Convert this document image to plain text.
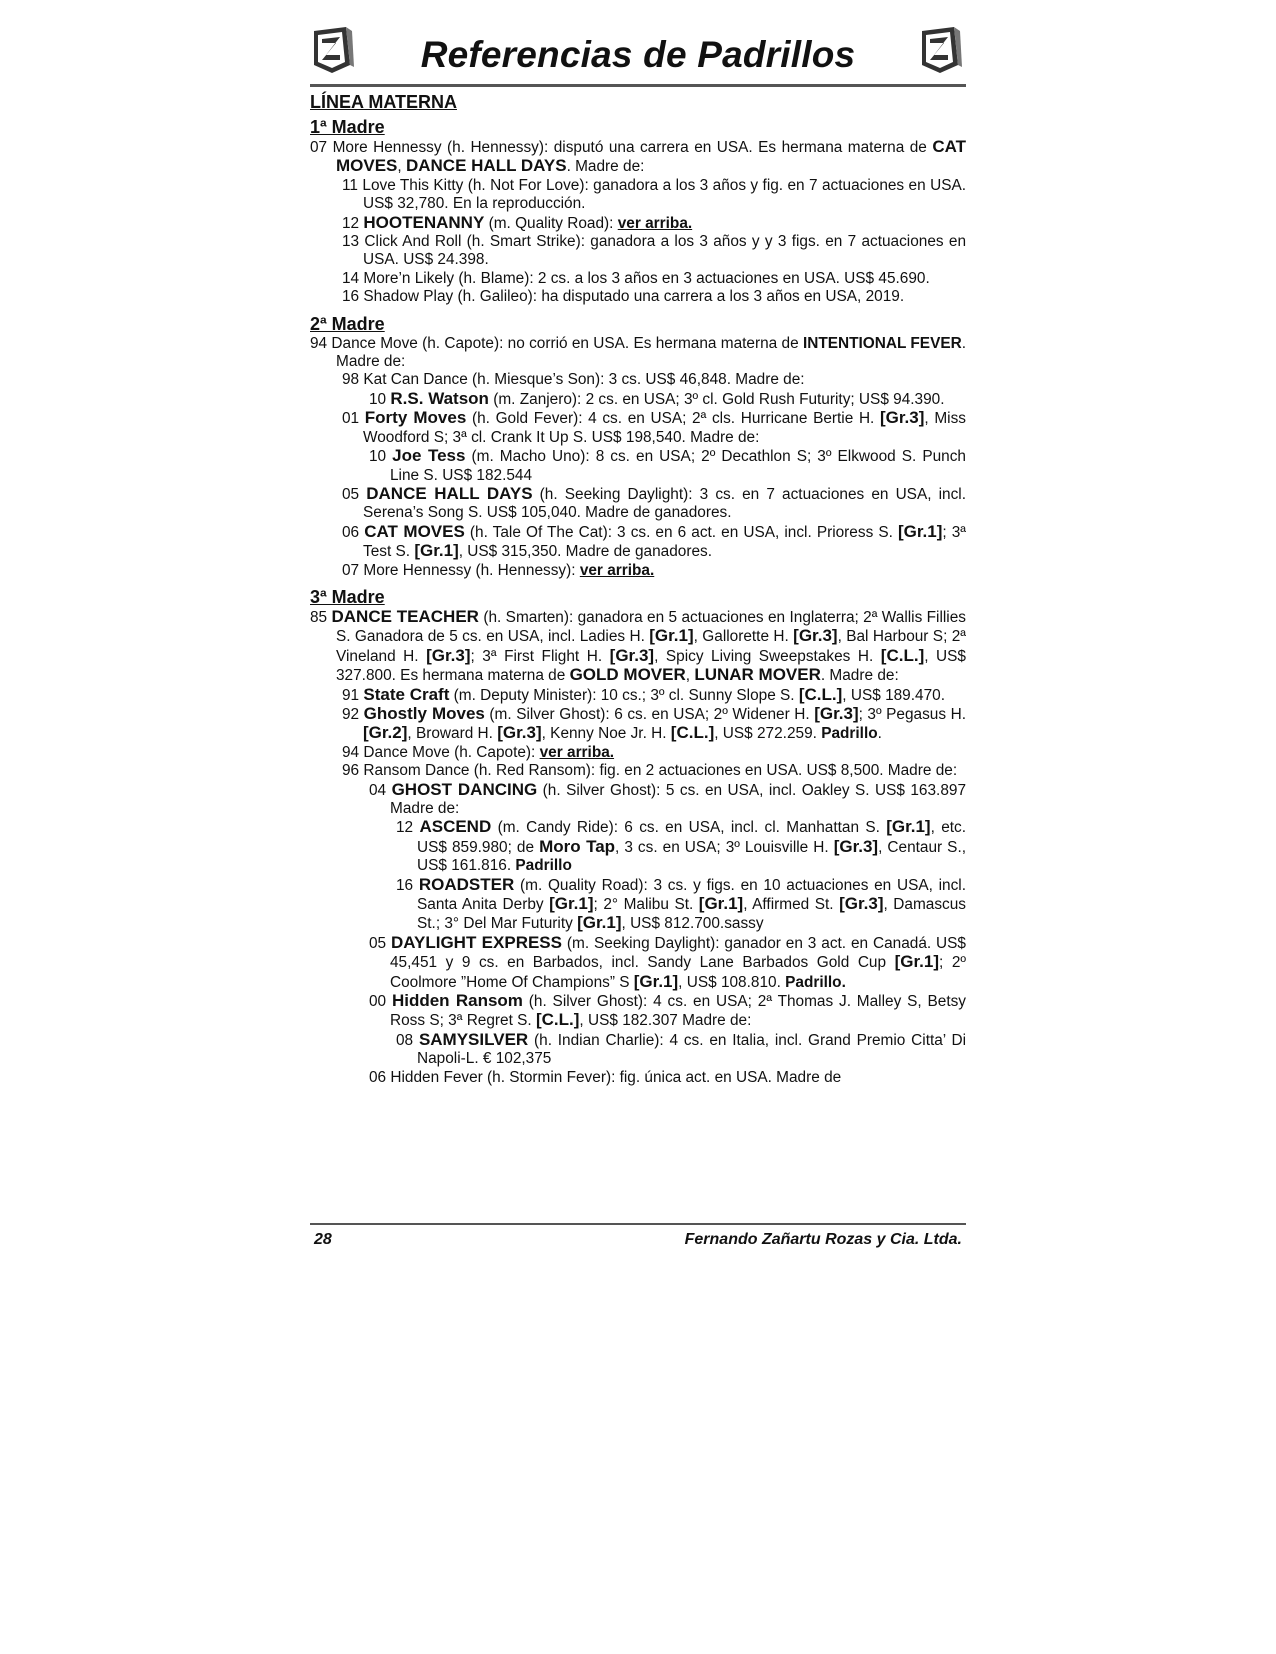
Referencias de Padrillos

LÍNEA MATERNA

1ª Madre

07 More Hennessy (h. Hennessy): disputó una carrera en USA. Es hermana materna de CAT MOVES, DANCE HALL DAYS. Madre de:

11 Love This Kitty (h. Not For Love): ganadora a los 3 años y fig. en 7 actuaciones en USA. US$ 32,780. En la reproducción.

12 HOOTENANNY (m. Quality Road): ver arriba.

13 Click And Roll (h. Smart Strike): ganadora a los 3 años y y 3 figs. en 7 actuaciones en USA. US$ 24.398.

14 More’n Likely (h. Blame): 2 cs. a los 3 años en 3 actuaciones en USA. US$ 45.690.

16 Shadow Play (h. Galileo): ha disputado una carrera a los 3 años en USA, 2019.

2ª Madre

94 Dance Move (h. Capote): no corrió en USA. Es hermana materna de INTENTIONAL FEVER. Madre de:

98 Kat Can Dance (h. Miesque’s Son): 3 cs. US$ 46,848. Madre de:

10 R.S. Watson (m. Zanjero): 2 cs. en USA; 3º cl. Gold Rush Futurity; US$ 94.390.

01 Forty Moves (h. Gold Fever): 4 cs. en USA; 2ª cls. Hurricane Bertie H. [Gr.3], Miss Woodford S; 3ª cl. Crank It Up S. US$ 198,540. Madre de:

10 Joe Tess (m. Macho Uno): 8 cs. en USA; 2º Decathlon S; 3º Elkwood S. Punch Line S. US$ 182.544

05 DANCE HALL DAYS (h. Seeking Daylight): 3 cs. en 7 actuaciones en USA, incl. Serena’s Song S. US$ 105,040. Madre de ganadores.

06 CAT MOVES (h. Tale Of The Cat): 3 cs. en 6 act. en USA, incl. Prioress S. [Gr.1]; 3ª Test S. [Gr.1], US$ 315,350. Madre de ganadores.

07 More Hennessy (h. Hennessy): ver arriba.

3ª Madre

85 DANCE TEACHER (h. Smarten): ganadora en 5 actuaciones en Inglaterra; 2ª Wallis Fillies S. Ganadora de 5 cs. en USA, incl. Ladies H. [Gr.1], Gallorette H. [Gr.3], Bal Harbour S; 2ª Vineland H. [Gr.3]; 3ª First Flight H. [Gr.3], Spicy Living Sweepstakes H. [C.L.], US$ 327.800. Es hermana materna de GOLD MOVER, LUNAR MOVER. Madre de:

91 State Craft (m. Deputy Minister): 10 cs.; 3º cl. Sunny Slope S. [C.L.], US$ 189.470.

92 Ghostly Moves (m. Silver Ghost): 6 cs. en USA; 2º Widener H. [Gr.3]; 3º Pegasus H. [Gr.2], Broward H. [Gr.3], Kenny Noe Jr. H. [C.L.], US$ 272.259. Padrillo.

94 Dance Move (h. Capote): ver arriba.

96 Ransom Dance (h. Red Ransom): fig. en 2 actuaciones en USA. US$ 8,500. Madre de:

04 GHOST DANCING (h. Silver Ghost): 5 cs. en USA, incl. Oakley S. US$ 163.897 Madre de:

12 ASCEND (m. Candy Ride): 6 cs. en USA, incl. cl. Manhattan S. [Gr.1], etc. US$ 859.980; de Moro Tap, 3 cs. en USA; 3º Louisville H. [Gr.3], Centaur S., US$ 161.816. Padrillo

16 ROADSTER (m. Quality Road): 3 cs. y figs. en 10 actuaciones en USA, incl. Santa Anita Derby [Gr.1]; 2° Malibu St. [Gr.1], Affirmed St. [Gr.3], Damascus St.; 3° Del Mar Futurity [Gr.1], US$ 812.700.sassy

05 DAYLIGHT EXPRESS (m. Seeking Daylight): ganador en 3 act. en Canadá. US$ 45,451 y 9 cs. en Barbados, incl. Sandy Lane Barbados Gold Cup [Gr.1]; 2º Coolmore ”Home Of Champions” S [Gr.1], US$ 108.810. Padrillo.

00 Hidden Ransom (h. Silver Ghost): 4 cs. en USA; 2ª Thomas J. Malley S, Betsy Ross S; 3ª Regret S. [C.L.], US$ 182.307 Madre de:

08 SAMYSILVER (h. Indian Charlie): 4 cs. en Italia, incl. Grand Premio Citta’ Di Napoli-L. € 102,375

06 Hidden Fever (h. Stormin Fever): fig. única act. en USA. Madre de

28	Fernando Zañartu Rozas y Cia. Ltda.
